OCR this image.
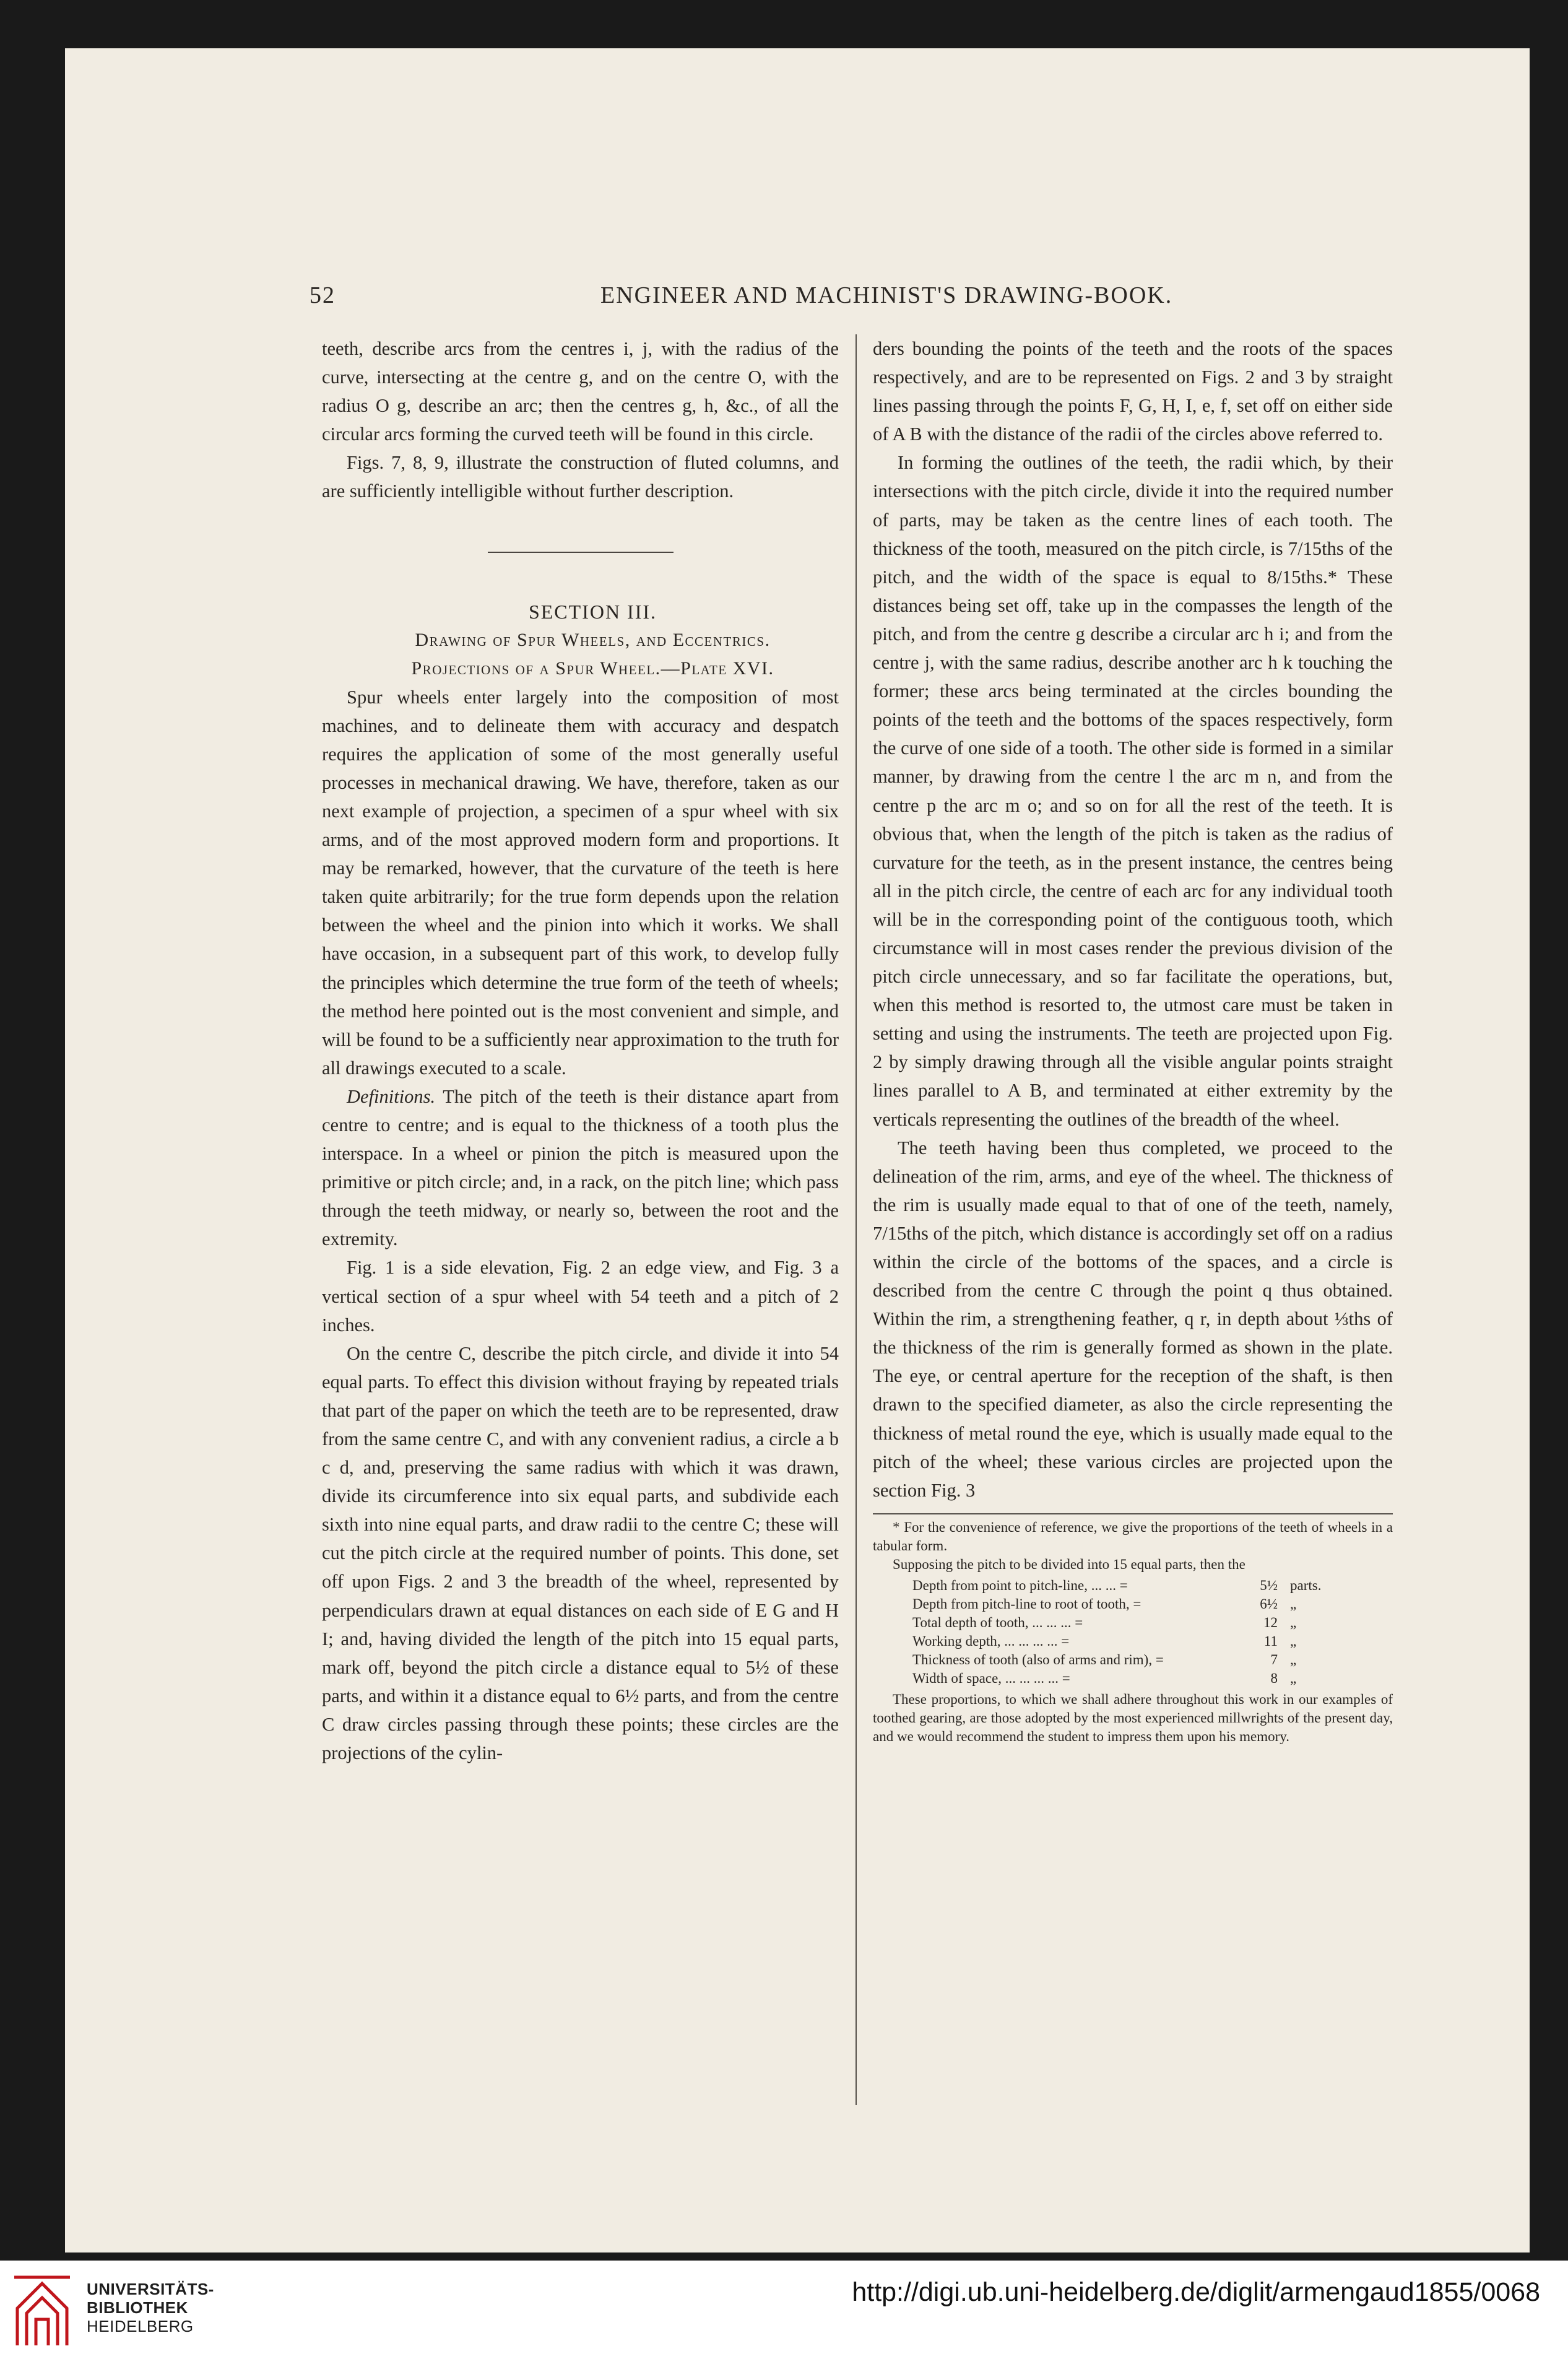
52	ENGINEER AND MACHINIST'S DRAWING-BOOK.

teeth, describe arcs from the centres i, j, with the radius of the curve, intersecting at the centre g, and on the centre O, with the radius O g, describe an arc; then the centres g, h, &c., of all the circular arcs forming the curved teeth will be found in this circle.

Figs. 7, 8, 9, illustrate the construction of fluted columns, and are sufficiently intelligible without further description.

SECTION III.

Drawing of Spur Wheels, and Eccentrics.

Projections of a Spur Wheel.—Plate XVI.

Spur wheels enter largely into the composition of most machines, and to delineate them with accuracy and despatch requires the application of some of the most generally useful processes in mechanical drawing. We have, therefore, taken as our next example of projection, a specimen of a spur wheel with six arms, and of the most approved modern form and proportions. It may be remarked, however, that the curvature of the teeth is here taken quite arbitrarily; for the true form depends upon the relation between the wheel and the pinion into which it works. We shall have occasion, in a subsequent part of this work, to develop fully the principles which determine the true form of the teeth of wheels; the method here pointed out is the most convenient and simple, and will be found to be a sufficiently near approximation to the truth for all drawings executed to a scale.

Definitions. The pitch of the teeth is their distance apart from centre to centre; and is equal to the thickness of a tooth plus the interspace. In a wheel or pinion the pitch is measured upon the primitive or pitch circle; and, in a rack, on the pitch line; which pass through the teeth midway, or nearly so, between the root and the extremity.

Fig. 1 is a side elevation, Fig. 2 an edge view, and Fig. 3 a vertical section of a spur wheel with 54 teeth and a pitch of 2 inches.

On the centre C, describe the pitch circle, and divide it into 54 equal parts. To effect this division without fraying by repeated trials that part of the paper on which the teeth are to be represented, draw from the same centre C, and with any convenient radius, a circle a b c d, and, preserving the same radius with which it was drawn, divide its circumference into six equal parts, and subdivide each sixth into nine equal parts, and draw radii to the centre C; these will cut the pitch circle at the required number of points. This done, set off upon Figs. 2 and 3 the breadth of the wheel, represented by perpendiculars drawn at equal distances on each side of E G and H I; and, having divided the length of the pitch into 15 equal parts, mark off, beyond the pitch circle a distance equal to 5½ of these parts, and within it a distance equal to 6½ parts, and from the centre C draw circles passing through these points; these circles are the projections of the cylin-

ders bounding the points of the teeth and the roots of the spaces respectively, and are to be represented on Figs. 2 and 3 by straight lines passing through the points F, G, H, I, e, f, set off on either side of A B with the distance of the radii of the circles above referred to.

In forming the outlines of the teeth, the radii which, by their intersections with the pitch circle, divide it into the required number of parts, may be taken as the centre lines of each tooth. The thickness of the tooth, measured on the pitch circle, is 7/15ths of the pitch, and the width of the space is equal to 8/15ths.* These distances being set off, take up in the compasses the length of the pitch, and from the centre g describe a circular arc h i; and from the centre j, with the same radius, describe another arc h k touching the former; these arcs being terminated at the circles bounding the points of the teeth and the bottoms of the spaces respectively, form the curve of one side of a tooth. The other side is formed in a similar manner, by drawing from the centre l the arc m n, and from the centre p the arc m o; and so on for all the rest of the teeth. It is obvious that, when the length of the pitch is taken as the radius of curvature for the teeth, as in the present instance, the centres being all in the pitch circle, the centre of each arc for any individual tooth will be in the corresponding point of the contiguous tooth, which circumstance will in most cases render the previous division of the pitch circle unnecessary, and so far facilitate the operations, but, when this method is resorted to, the utmost care must be taken in setting and using the instruments. The teeth are projected upon Fig. 2 by simply drawing through all the visible angular points straight lines parallel to A B, and terminated at either extremity by the verticals representing the outlines of the breadth of the wheel.

The teeth having been thus completed, we proceed to the delineation of the rim, arms, and eye of the wheel. The thickness of the rim is usually made equal to that of one of the teeth, namely, 7/15ths of the pitch, which distance is accordingly set off on a radius within the circle of the bottoms of the spaces, and a circle is described from the centre C through the point q thus obtained. Within the rim, a strengthening feather, q r, in depth about ⅓ths of the thickness of the rim is generally formed as shown in the plate. The eye, or central aperture for the reception of the shaft, is then drawn to the specified diameter, as also the circle representing the thickness of metal round the eye, which is usually made equal to the pitch of the wheel; these various circles are projected upon the section Fig. 3

* For the convenience of reference, we give the proportions of the teeth of wheels in a tabular form.

Supposing the pitch to be divided into 15 equal parts, then the

Depth from point to pitch-line, ... ... =	5½	parts.
Depth from pitch-line to root of tooth, =	6½	„
Total depth of tooth, ... ... ... =	12	„
Working depth, ... ... ... ... =	11	„
Thickness of tooth (also of arms and rim), =	7	„
Width of space, ... ... ... ... =	8	„

These proportions, to which we shall adhere throughout this work in our examples of toothed gearing, are those adopted by the most experienced millwrights of the present day, and we would recommend the student to impress them upon his memory.

UNIVERSITÄTS-
BIBLIOTHEK
HEIDELBERG
http://digi.ub.uni-heidelberg.de/diglit/armengaud1855/0068
